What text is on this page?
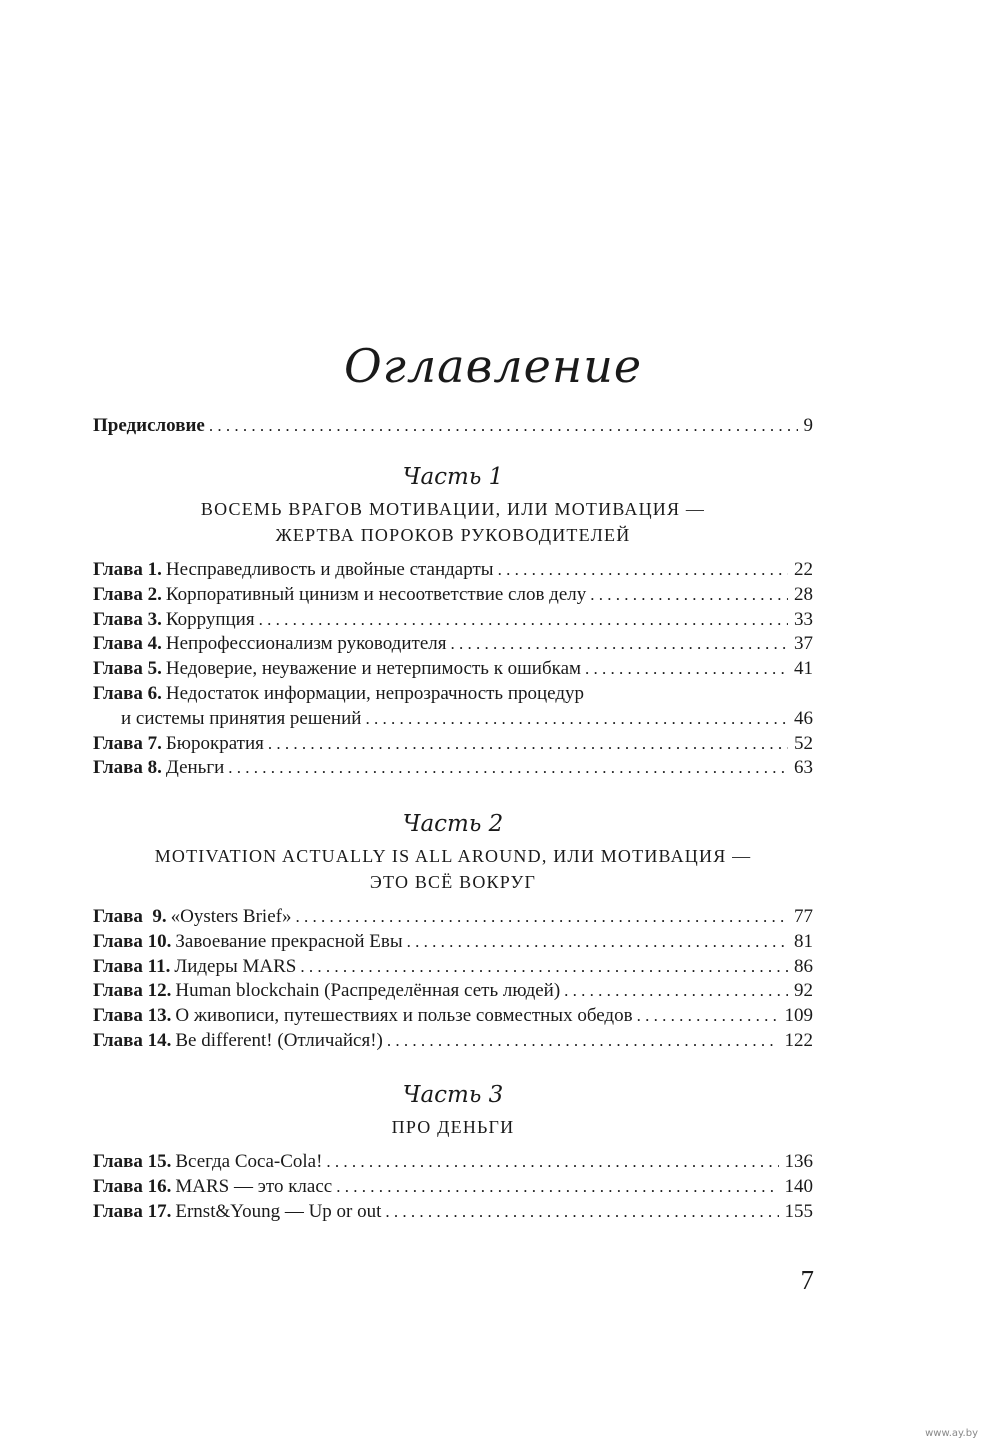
Оглавление
Предисловие . . .	9
Часть 1
ВОСЕМЬ ВРАГОВ МОТИВАЦИИ, ИЛИ МОТИВАЦИЯ —
ЖЕРТВА ПОРОКОВ РУКОВОДИТЕЛЕЙ
Глава 1. Несправедливость и двойные стандарты . . .	22
Глава 2. Корпоративный цинизм и несоответствие слов делу . . .	28
Глава 3. Коррупция . . .	33
Глава 4. Непрофессионализм руководителя . . .	37
Глава 5. Недоверие, неуважение и нетерпимость к ошибкам . . .	41
Глава 6. Недостаток информации, непрозрачность процедур
и системы принятия решений . . .	46
Глава 7. Бюрократия . . .	52
Глава 8. Деньги . . .	63
Часть 2
MOTIVATION ACTUALLY IS ALL AROUND, ИЛИ МОТИВАЦИЯ —
ЭТО ВСЁ ВОКРУГ
Глава  9. «Oysters Brief» . . .	77
Глава 10. Завоевание прекрасной Евы . . .	81
Глава 11. Лидеры MARS . . .	86
Глава 12. Human blockchain (Распределённая сеть людей) . . .	92
Глава 13. О живописи, путешествиях и пользе совместных обедов . . .	109
Глава 14. Be different! (Отличайся!) . . .	122
Часть 3
ПРО ДЕНЬГИ
Глава 15. Всегда Coca-Cola! . . .	136
Глава 16. MARS — это класс . . .	140
Глава 17. Ernst&Young — Up or out . . .	155
7
www.ay.by
